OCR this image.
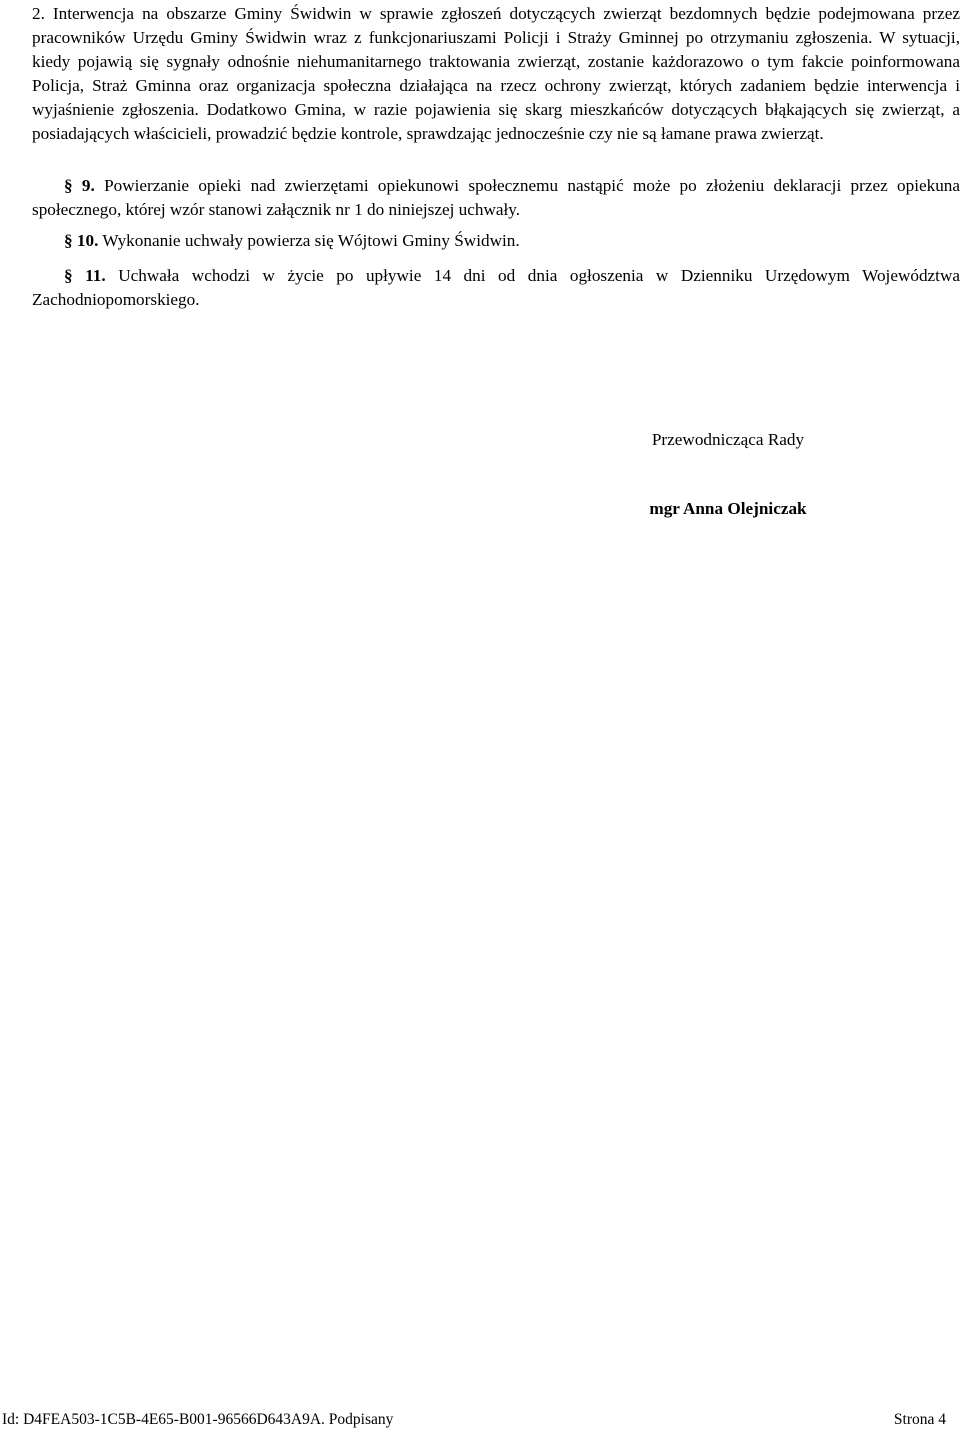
2. Interwencja na obszarze Gminy Świdwin w sprawie zgłoszeń dotyczących zwierząt bezdomnych będzie podejmowana przez pracowników Urzędu Gminy Świdwin wraz z funkcjonariuszami Policji i Straży Gminnej po otrzymaniu zgłoszenia. W sytuacji, kiedy pojawią się sygnały odnośnie niehumanitarnego traktowania zwierząt, zostanie każdorazowo o tym fakcie poinformowana Policja, Straż Gminna oraz organizacja społeczna działająca na rzecz ochrony zwierząt, których zadaniem będzie interwencja i wyjaśnienie zgłoszenia. Dodatkowo Gmina, w razie pojawienia się skarg mieszkańców dotyczących błąkających się zwierząt, a posiadających właścicieli, prowadzić będzie kontrole, sprawdzając jednocześnie czy nie są łamane prawa zwierząt.

§ 9. Powierzanie opieki nad zwierzętami opiekunowi społecznemu nastąpić może po złożeniu deklaracji przez opiekuna społecznego, której wzór stanowi załącznik nr 1 do niniejszej uchwały.

§ 10. Wykonanie uchwały powierza się Wójtowi Gminy Świdwin.

§ 11. Uchwała wchodzi w życie po upływie 14 dni od dnia ogłoszenia w Dzienniku Urzędowym Województwa Zachodniopomorskiego.

Przewodnicząca Rady

mgr Anna Olejniczak

Id: D4FEA503-1C5B-4E65-B001-96566D643A9A. Podpisany	Strona 4
